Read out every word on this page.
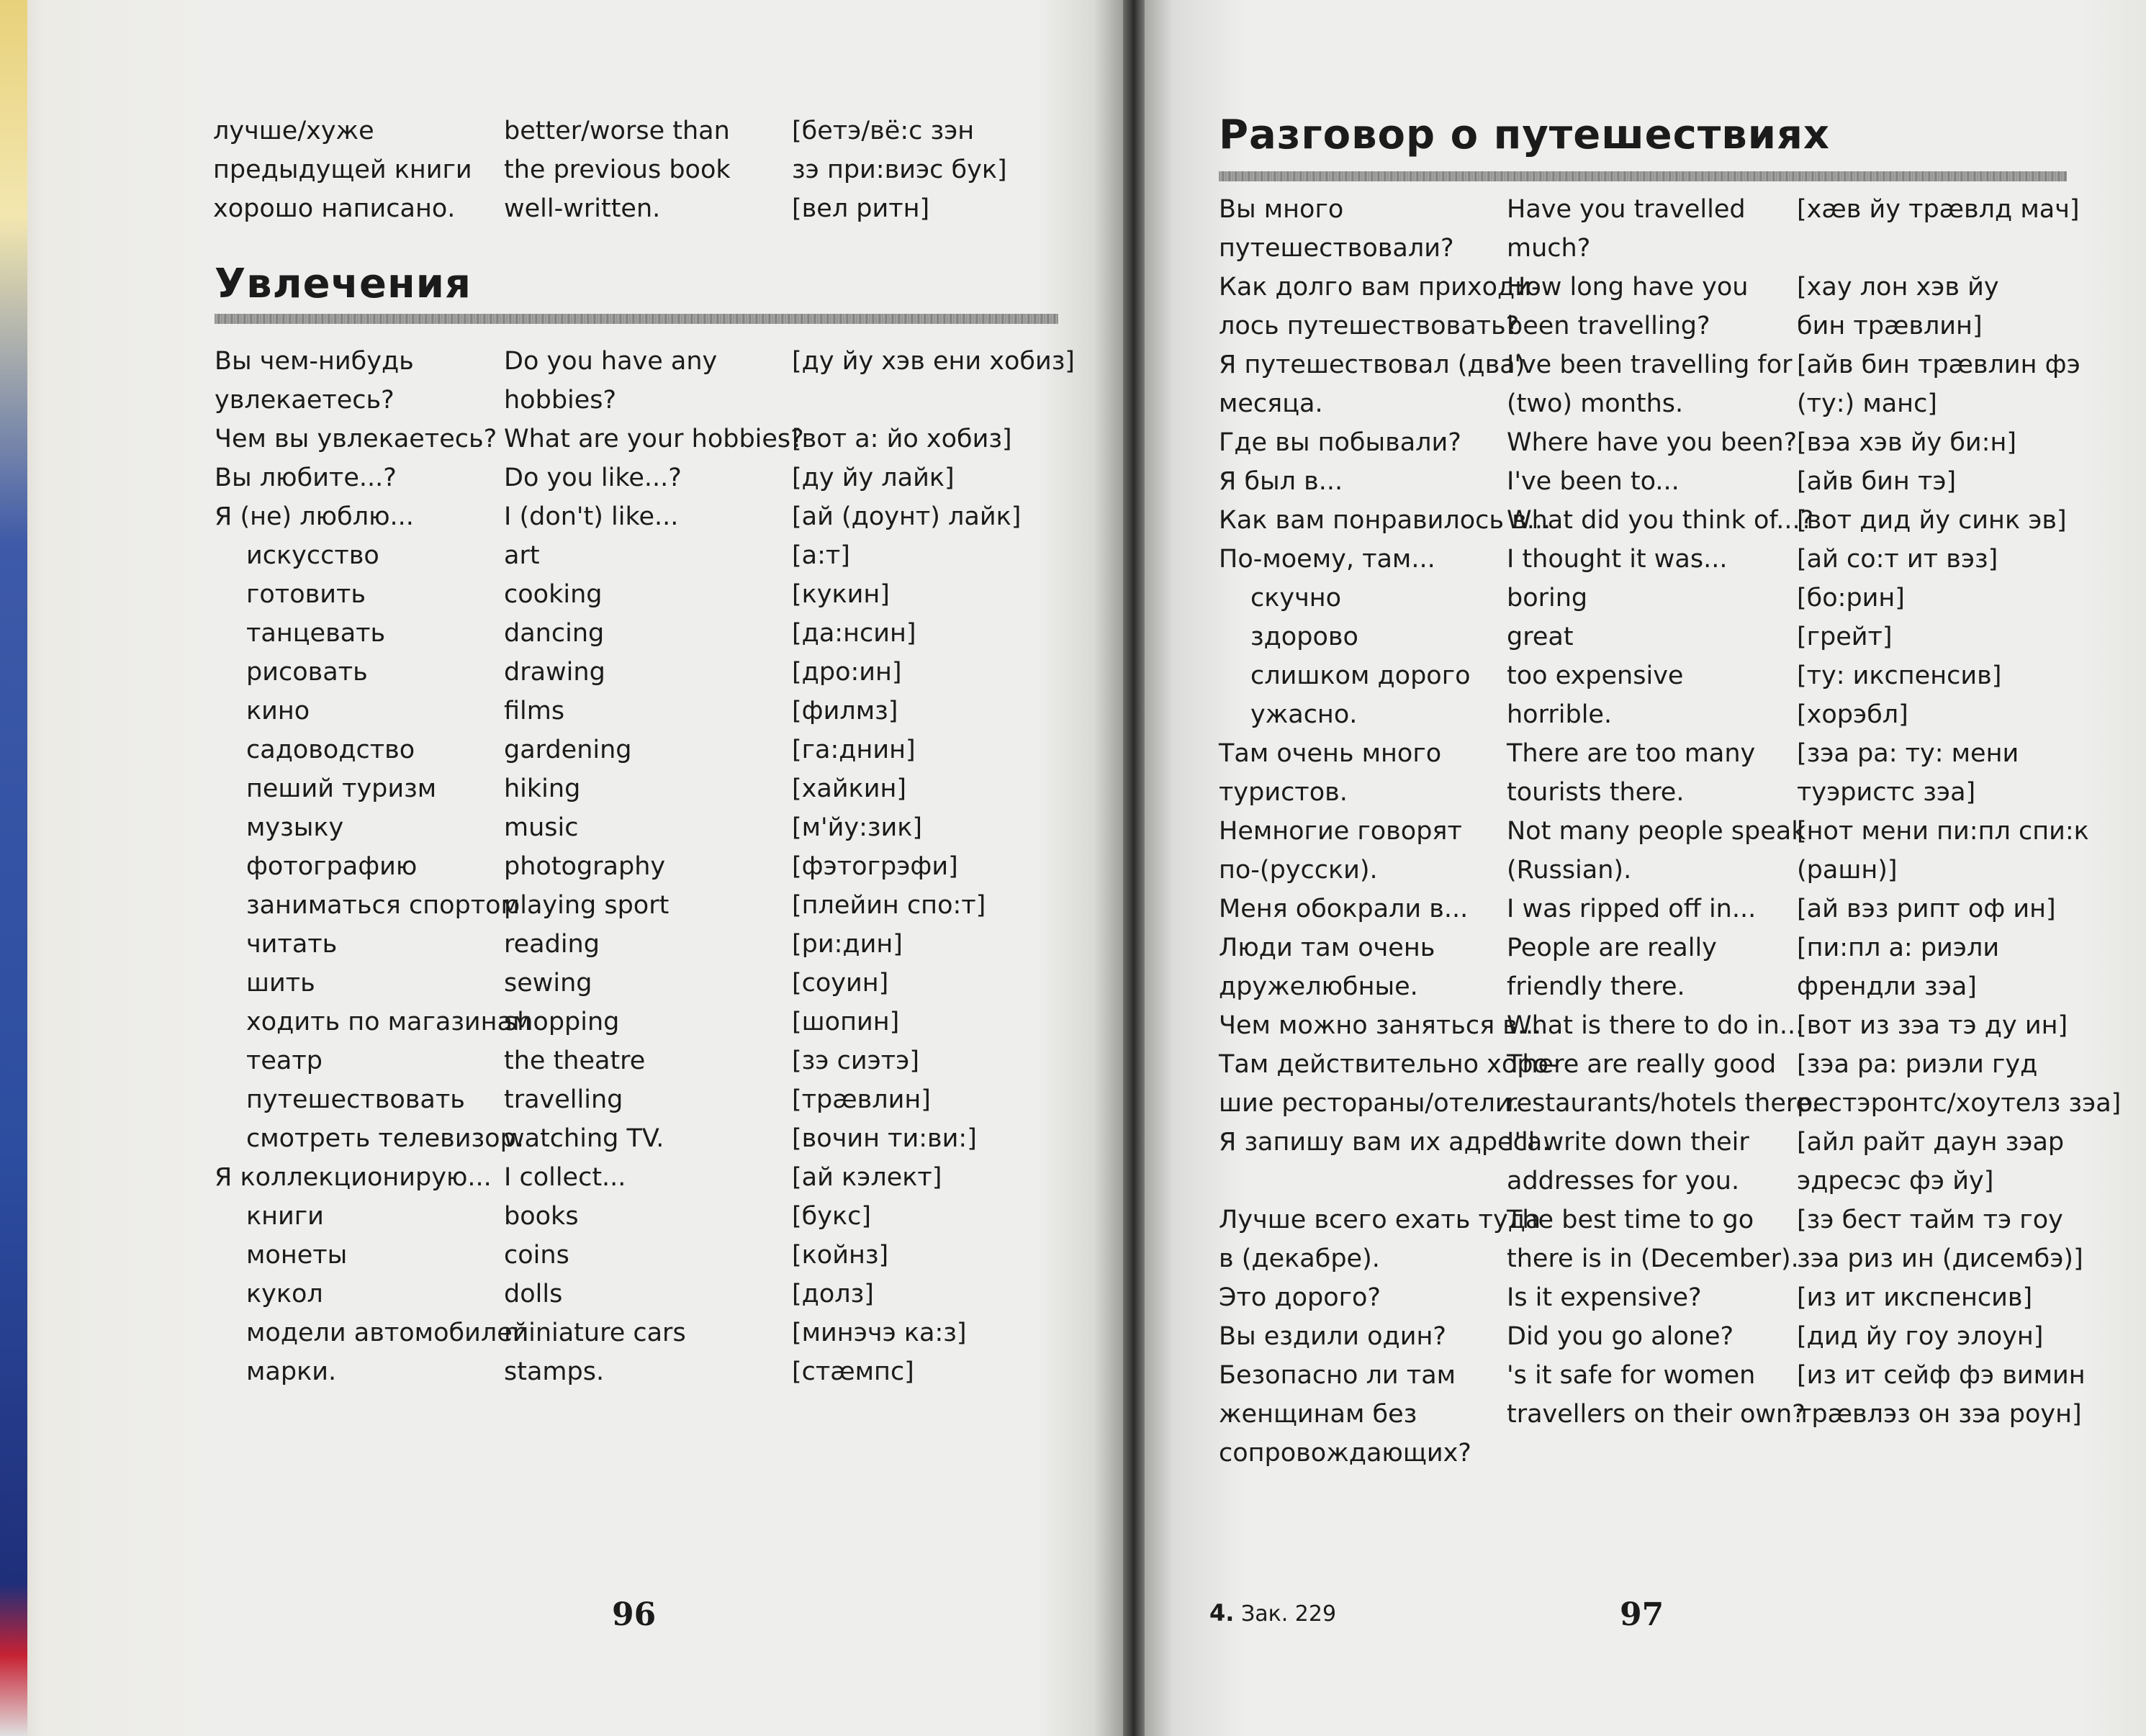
лучше/хуже
предыдущей книги
хорошо написано.
better/worse than
the previous book
well-written.
[бетэ/вё:с зэн
зэ при:виэс бук]
[вел ритн]
Увлечения
Вы чем-нибудь
увлекаетесь?
Чем вы увлекаетесь?
Вы любите...?
Я (не) люблю...
искусство
готовить
танцевать
рисовать
кино
садоводство
пеший туризм
музыку
фотографию
заниматься спортом
читать
шить
ходить по магазинам
театр
путешествовать
смотреть телевизор.
Я коллекционирую...
книги
монеты
кукол
модели автомобилей
марки.
Do you have any
hobbies?
What are your hobbies?
Do you like...?
I (don't) like...
art
cooking
dancing
drawing
films
gardening
hiking
music
photography
playing sport
reading
sewing
shopping
the theatre
travelling
watching TV.
I collect...
books
coins
dolls
miniature cars
stamps.
[ду йу хэв ени хобиз]
[вот а: йо хобиз]
[ду йу лайк]
[ай (доунт) лайк]
[а:т]
[кукин]
[да:нсин]
[дро:ин]
[филмз]
[га:днин]
[хайкин]
[м'йу:зик]
[фэтогрэфи]
[плейин спо:т]
[ри:дин]
[соуин]
[шопин]
[зэ сиэтэ]
[трæвлин]
[вочин ти:ви:]
[ай кэлект]
[букс]
[койнз]
[долз]
[минэчэ ка:з]
[стæмпс]
96
Разговор о путешествиях
Вы много
путешествовали?
Как долго вам приходи-
лось путешествовать?
Я путешествовал (два)
месяца.
Где вы побывали?
Я был в...
Как вам понравилось в...
По-моему, там...
скучно
здорово
слишком дорого
ужасно.
Там очень много
туристов.
Немногие говорят
по-(русски).
Меня обокрали в...
Люди там очень
дружелюбные.
Чем можно заняться в...
Там действительно хоро-
шие рестораны/отели.
Я запишу вам их адреса.
Лучше всего ехать туда
в (декабре).
Это дорого?
Вы ездили один?
Безопасно ли там
женщинам без
сопровождающих?
Have you travelled
much?
How long have you
been travelling?
I've been travelling for
(two) months.
Where have you been?
I've been to...
What did you think of...?
I thought it was...
boring
great
too expensive
horrible.
There are too many
tourists there.
Not many people speak
(Russian).
I was ripped off in...
People are really
friendly there.
What is there to do in...
There are really good
restaurants/hotels there.
I'll write down their
addresses for you.
The best time to go
there is in (December).
Is it expensive?
Did you go alone?
's it safe for women
travellers on their own?
[хæв йу трæвлд мач]
[хау лон хэв йу
бин трæвлин]
[айв бин трæвлин фэ
(ту:) манс]
[вэа хэв йу би:н]
[айв бин тэ]
[вот дид йу синк эв]
[ай со:т ит вэз]
[бо:рин]
[грейт]
[ту: икспенсив]
[хорэбл]
[зэа ра: ту: мени
туэристс зэа]
[нот мени пи:пл спи:к
(рашн)]
[ай вэз рипт оф ин]
[пи:пл а: риэли
френдли зэа]
[вот из зэа тэ ду ин]
[зэа ра: риэли гуд
рестэронтс/хоутелз зэа]
[айл райт даун зэар
эдресэс фэ йу]
[зэ бест тайм тэ гоу
зэа риз ин (дисембэ)]
[из ит икспенсив]
[дид йу гоу элоун]
[из ит сейф фэ вимин
трæвлэз он зэа роун]
4. Зак. 229	97
